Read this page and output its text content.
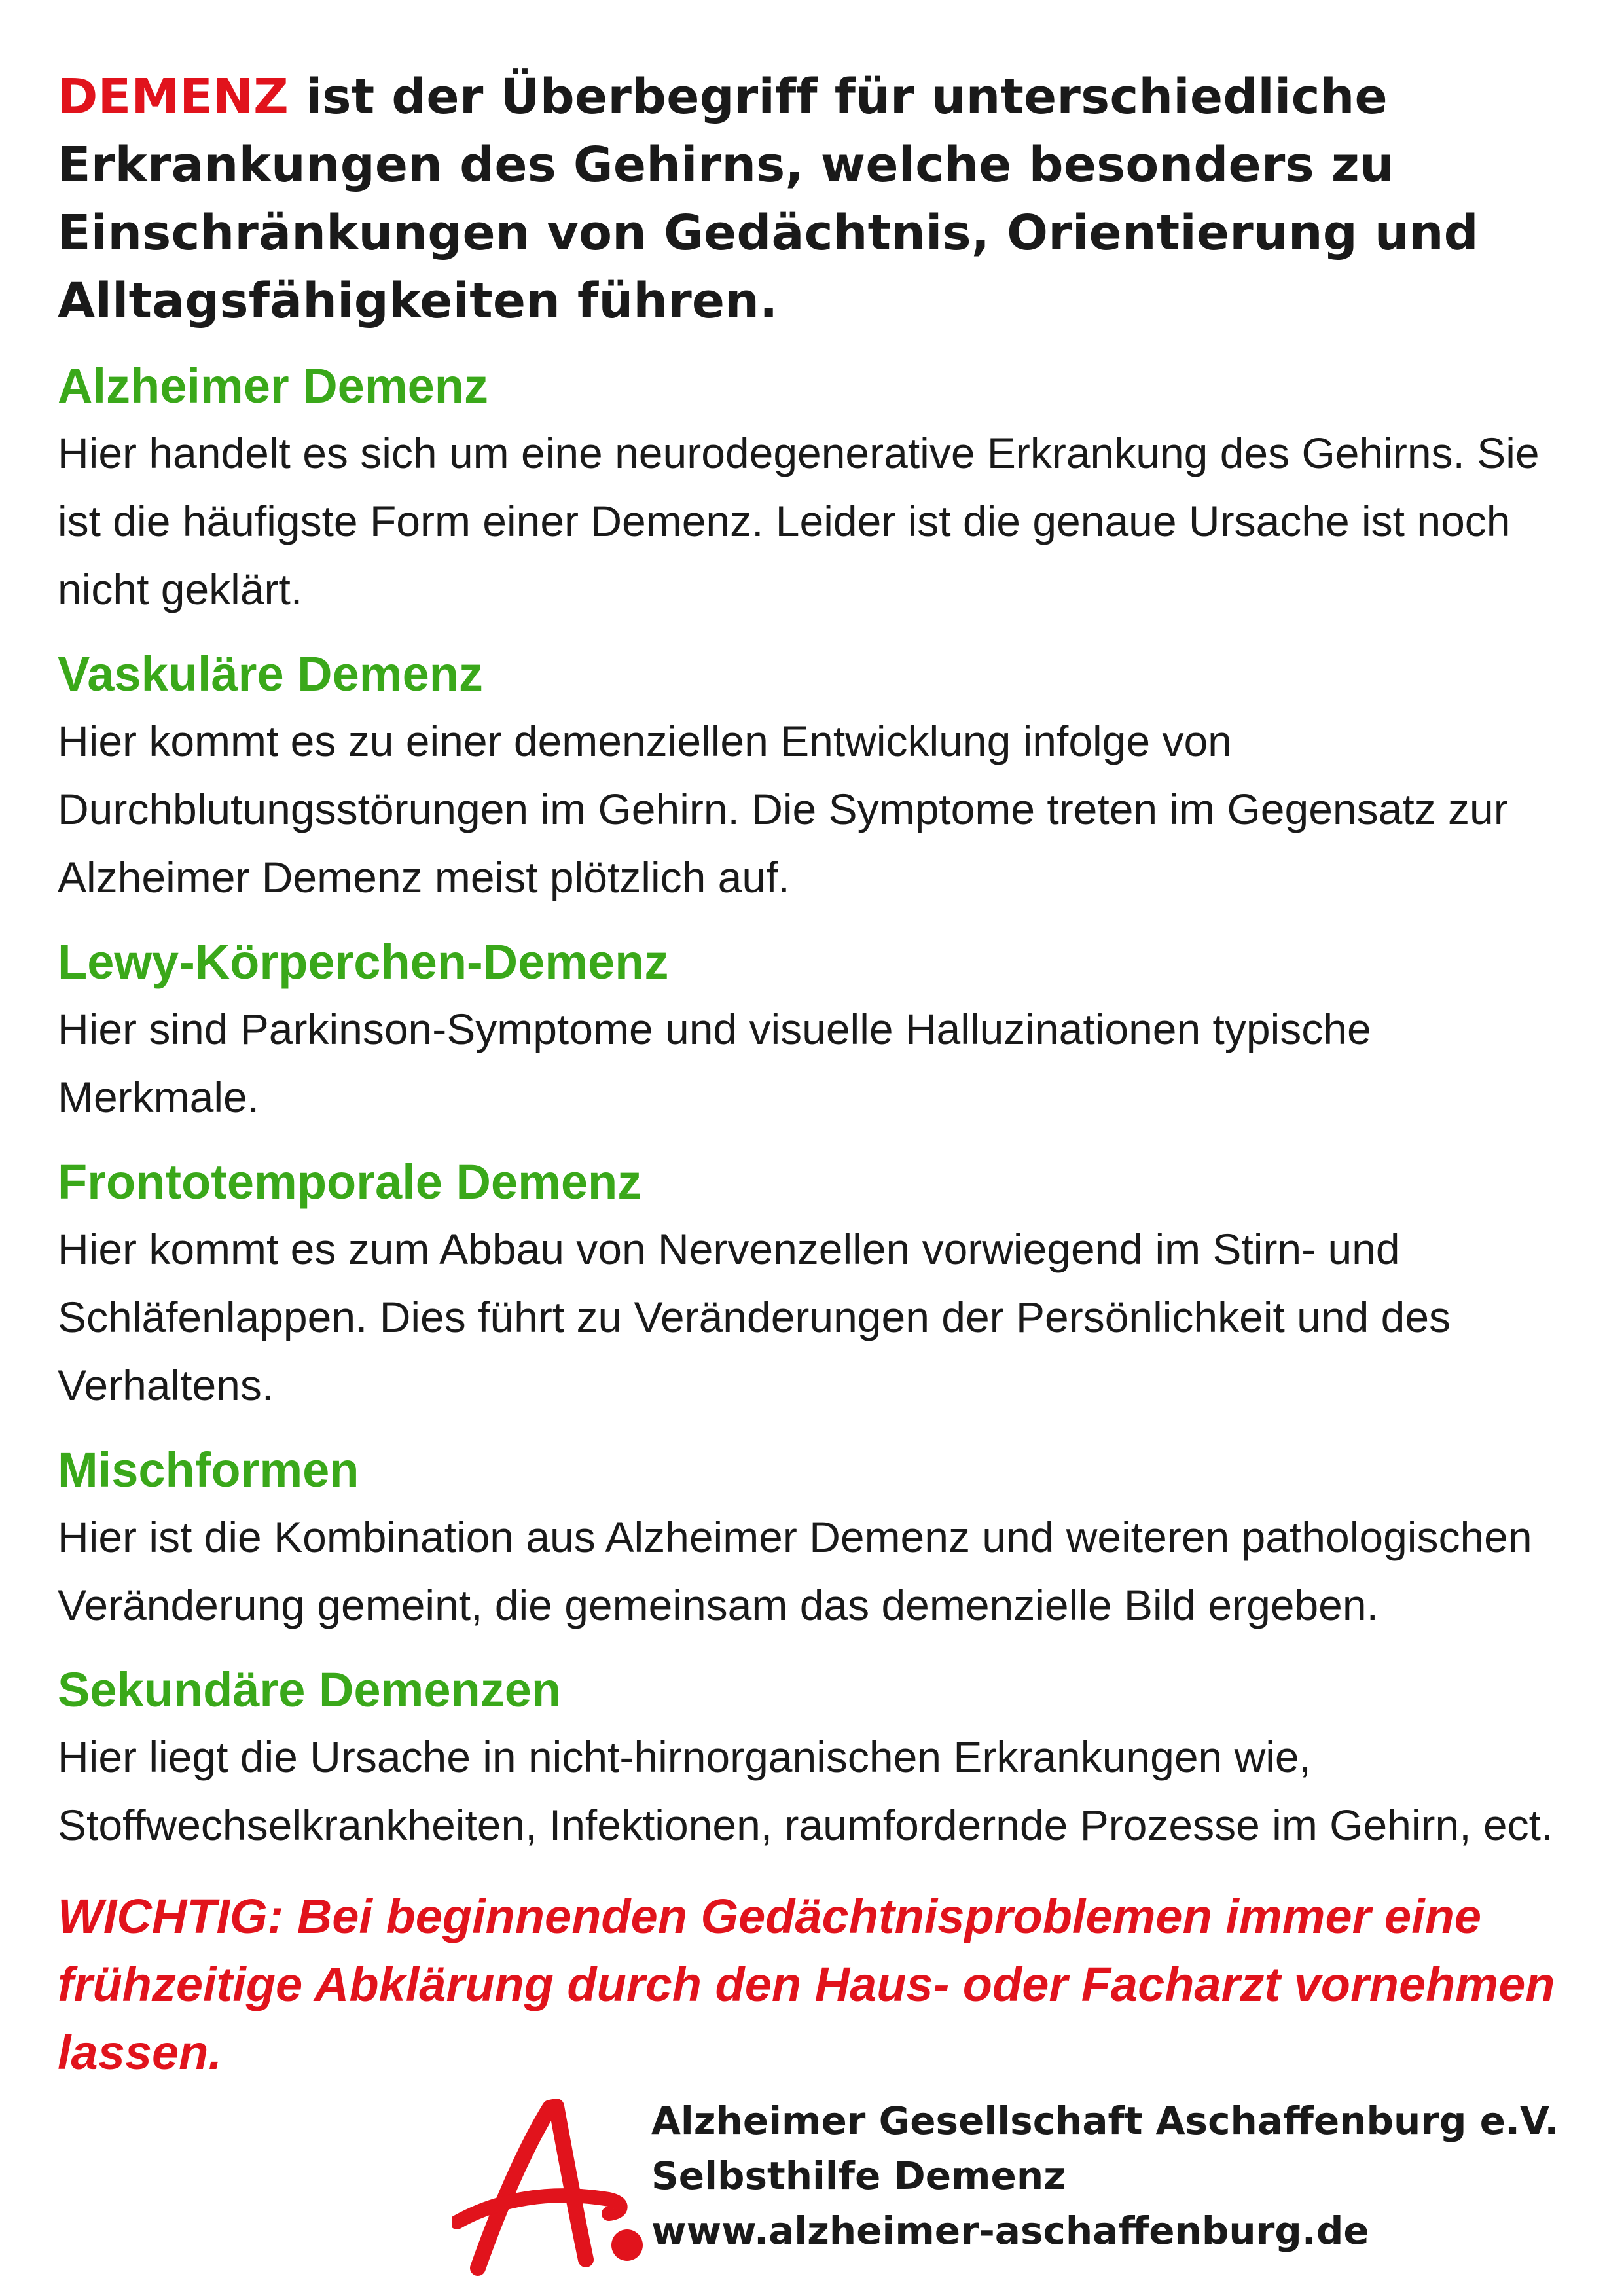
DEMENZ ist der Überbegriff für unterschiedliche Erkrankungen des Gehirns, welche besonders zu Einschränkungen von Gedächtnis, Orientierung und Alltagsfähigkeiten führen.

Alzheimer Demenz

Hier handelt es sich um eine neurodegenerative Erkrankung des Gehirns. Sie ist die häufigste Form einer Demenz. Leider ist die genaue Ursache ist noch nicht geklärt.

Vaskuläre Demenz

Hier kommt es zu einer demenziellen Entwicklung infolge von Durchblutungsstörungen im Gehirn. Die Symptome treten im Gegensatz zur Alzheimer Demenz meist plötzlich auf.

Lewy-Körperchen-Demenz

Hier sind Parkinson-Symptome und visuelle Halluzinationen typische Merkmale.

Frontotemporale Demenz

Hier kommt es zum Abbau von Nervenzellen vorwiegend im Stirn- und Schläfenlappen. Dies führt zu Veränderungen der Persönlichkeit und des Verhaltens.

Mischformen

Hier ist die Kombination aus Alzheimer Demenz und weiteren pathologischen Veränderung gemeint, die gemeinsam das demenzielle Bild ergeben.

Sekundäre Demenzen

Hier liegt die Ursache in nicht-hirnorganischen Erkrankungen wie, Stoffwechselkrankheiten, Infektionen, raumfordernde Prozesse im Gehirn, ect.

WICHTIG: Bei beginnenden Gedächtnisproblemen immer eine frühzeitige Abklärung durch den Haus- oder Facharzt vornehmen lassen.

Alzheimer Gesellschaft Aschaffenburg e.V.
Selbsthilfe Demenz
www.alzheimer-aschaffenburg.de
